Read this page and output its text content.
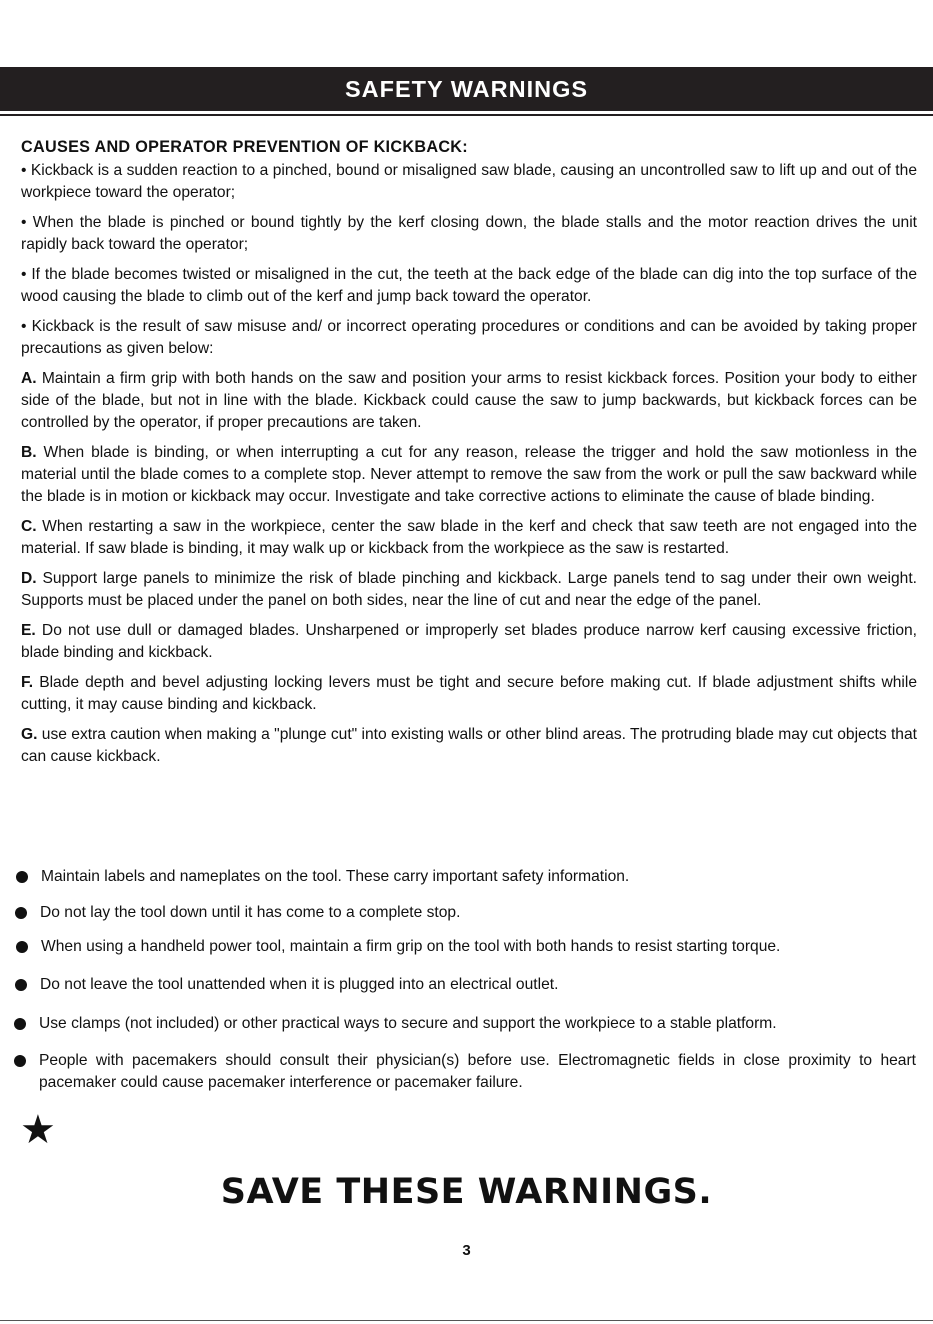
SAFETY WARNINGS
CAUSES AND OPERATOR PREVENTION OF KICKBACK:

• Kickback is a sudden reaction to a pinched, bound or misaligned saw blade, causing an uncontrolled saw to lift up and out of the workpiece toward the operator;

• When the blade is pinched or bound tightly by the kerf closing down, the blade stalls and the motor reaction drives the unit rapidly back toward the operator;

• If the blade becomes twisted or misaligned in the cut, the teeth at the back edge of the blade can dig into the top surface of the wood causing the blade to climb out of the kerf and jump back toward the operator.

• Kickback is the result of saw misuse and/ or incorrect operating procedures or conditions and can be avoided by taking proper precautions as given below:

A. Maintain a firm grip with both hands on the saw and position your arms to resist kickback forces. Position your body to either side of the blade, but not in line with the blade. Kickback could cause the saw to jump backwards, but kickback forces can be controlled by the operator, if proper precautions are taken.

B. When blade is binding, or when interrupting a cut for any reason, release the trigger and hold the saw motionless in the material until the blade comes to a complete stop. Never attempt to remove the saw from the work or pull the saw backward while the blade is in motion or kickback may occur. Investigate and take corrective actions to eliminate the cause of blade binding.

C. When restarting a saw in the workpiece, center the saw blade in the kerf and check that saw teeth are not engaged into the material. If saw blade is binding, it may walk up or kickback from the workpiece as the saw is restarted.

D. Support large panels to minimize the risk of blade pinching and kickback. Large panels tend to sag under their own weight. Supports must be placed under the panel on both sides, near the line of cut and near the edge of the panel.

E. Do not use dull or damaged blades. Unsharpened or improperly set blades produce narrow kerf causing excessive friction, blade binding and kickback.

F. Blade depth and bevel adjusting locking levers must be tight and secure before making cut. If blade adjustment shifts while cutting, it may cause binding and kickback.

G. use extra caution when making a "plunge cut" into existing walls or other blind areas. The protruding blade may cut objects that can cause kickback.

Maintain labels and nameplates on the tool. These carry important safety information.
Do not lay the tool down until it has come to a complete stop.
When using a handheld power tool, maintain a firm grip on the tool with both hands to resist starting torque.
Do not leave the tool unattended when it is plugged into an electrical outlet.
Use clamps (not included) or other practical ways to secure and support the workpiece to a stable platform.
People with pacemakers should consult their physician(s) before use. Electromagnetic fields in close proximity to heart pacemaker could cause pacemaker interference or pacemaker failure.
★
SAVE THESE WARNINGS.
3
